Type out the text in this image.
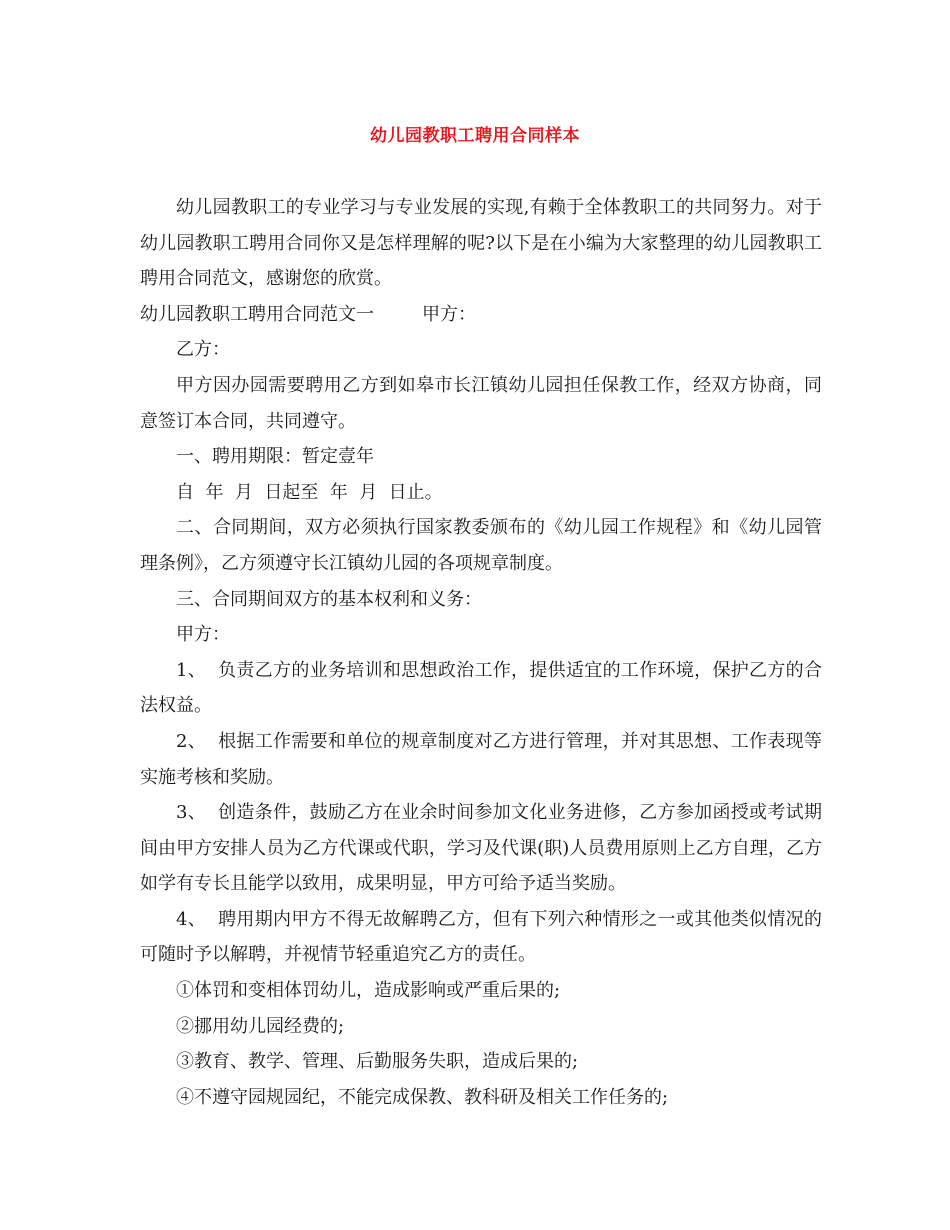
幼儿园教职工聘用合同样本

幼儿园教职工的专业学习与专业发展的实现,有赖于全体教职工的共同努力。对于幼儿园教职工聘用合同你又是怎样理解的呢?以下是在小编为大家整理的幼儿园教职工聘用合同范文，感谢您的欣赏。

幼儿园教职工聘用合同范文一	甲方：

乙方：

甲方因办园需要聘用乙方到如皋市长江镇幼儿园担任保教工作，经双方协商，同意签订本合同，共同遵守。

一、聘用期限：暂定壹年

自  年  月  日起至  年  月  日止。

二、合同期间，双方必须执行国家教委颁布的《幼儿园工作规程》和《幼儿园管理条例》，乙方须遵守长江镇幼儿园的各项规章制度。

三、合同期间双方的基本权利和义务：

甲方：

1、  负责乙方的业务培训和思想政治工作，提供适宜的工作环境，保护乙方的合法权益。

2、  根据工作需要和单位的规章制度对乙方进行管理，并对其思想、工作表现等实施考核和奖励。

3、  创造条件，鼓励乙方在业余时间参加文化业务进修，乙方参加函授或考试期间由甲方安排人员为乙方代课或代职，学习及代课(职)人员费用原则上乙方自理，乙方如学有专长且能学以致用，成果明显，甲方可给予适当奖励。

4、  聘用期内甲方不得无故解聘乙方，但有下列六种情形之一或其他类似情况的可随时予以解聘，并视情节轻重追究乙方的责任。

①体罚和变相体罚幼儿，造成影响或严重后果的;

②挪用幼儿园经费的;

③教育、教学、管理、后勤服务失职，造成后果的;

④不遵守园规园纪，不能完成保教、教科研及相关工作任务的;
